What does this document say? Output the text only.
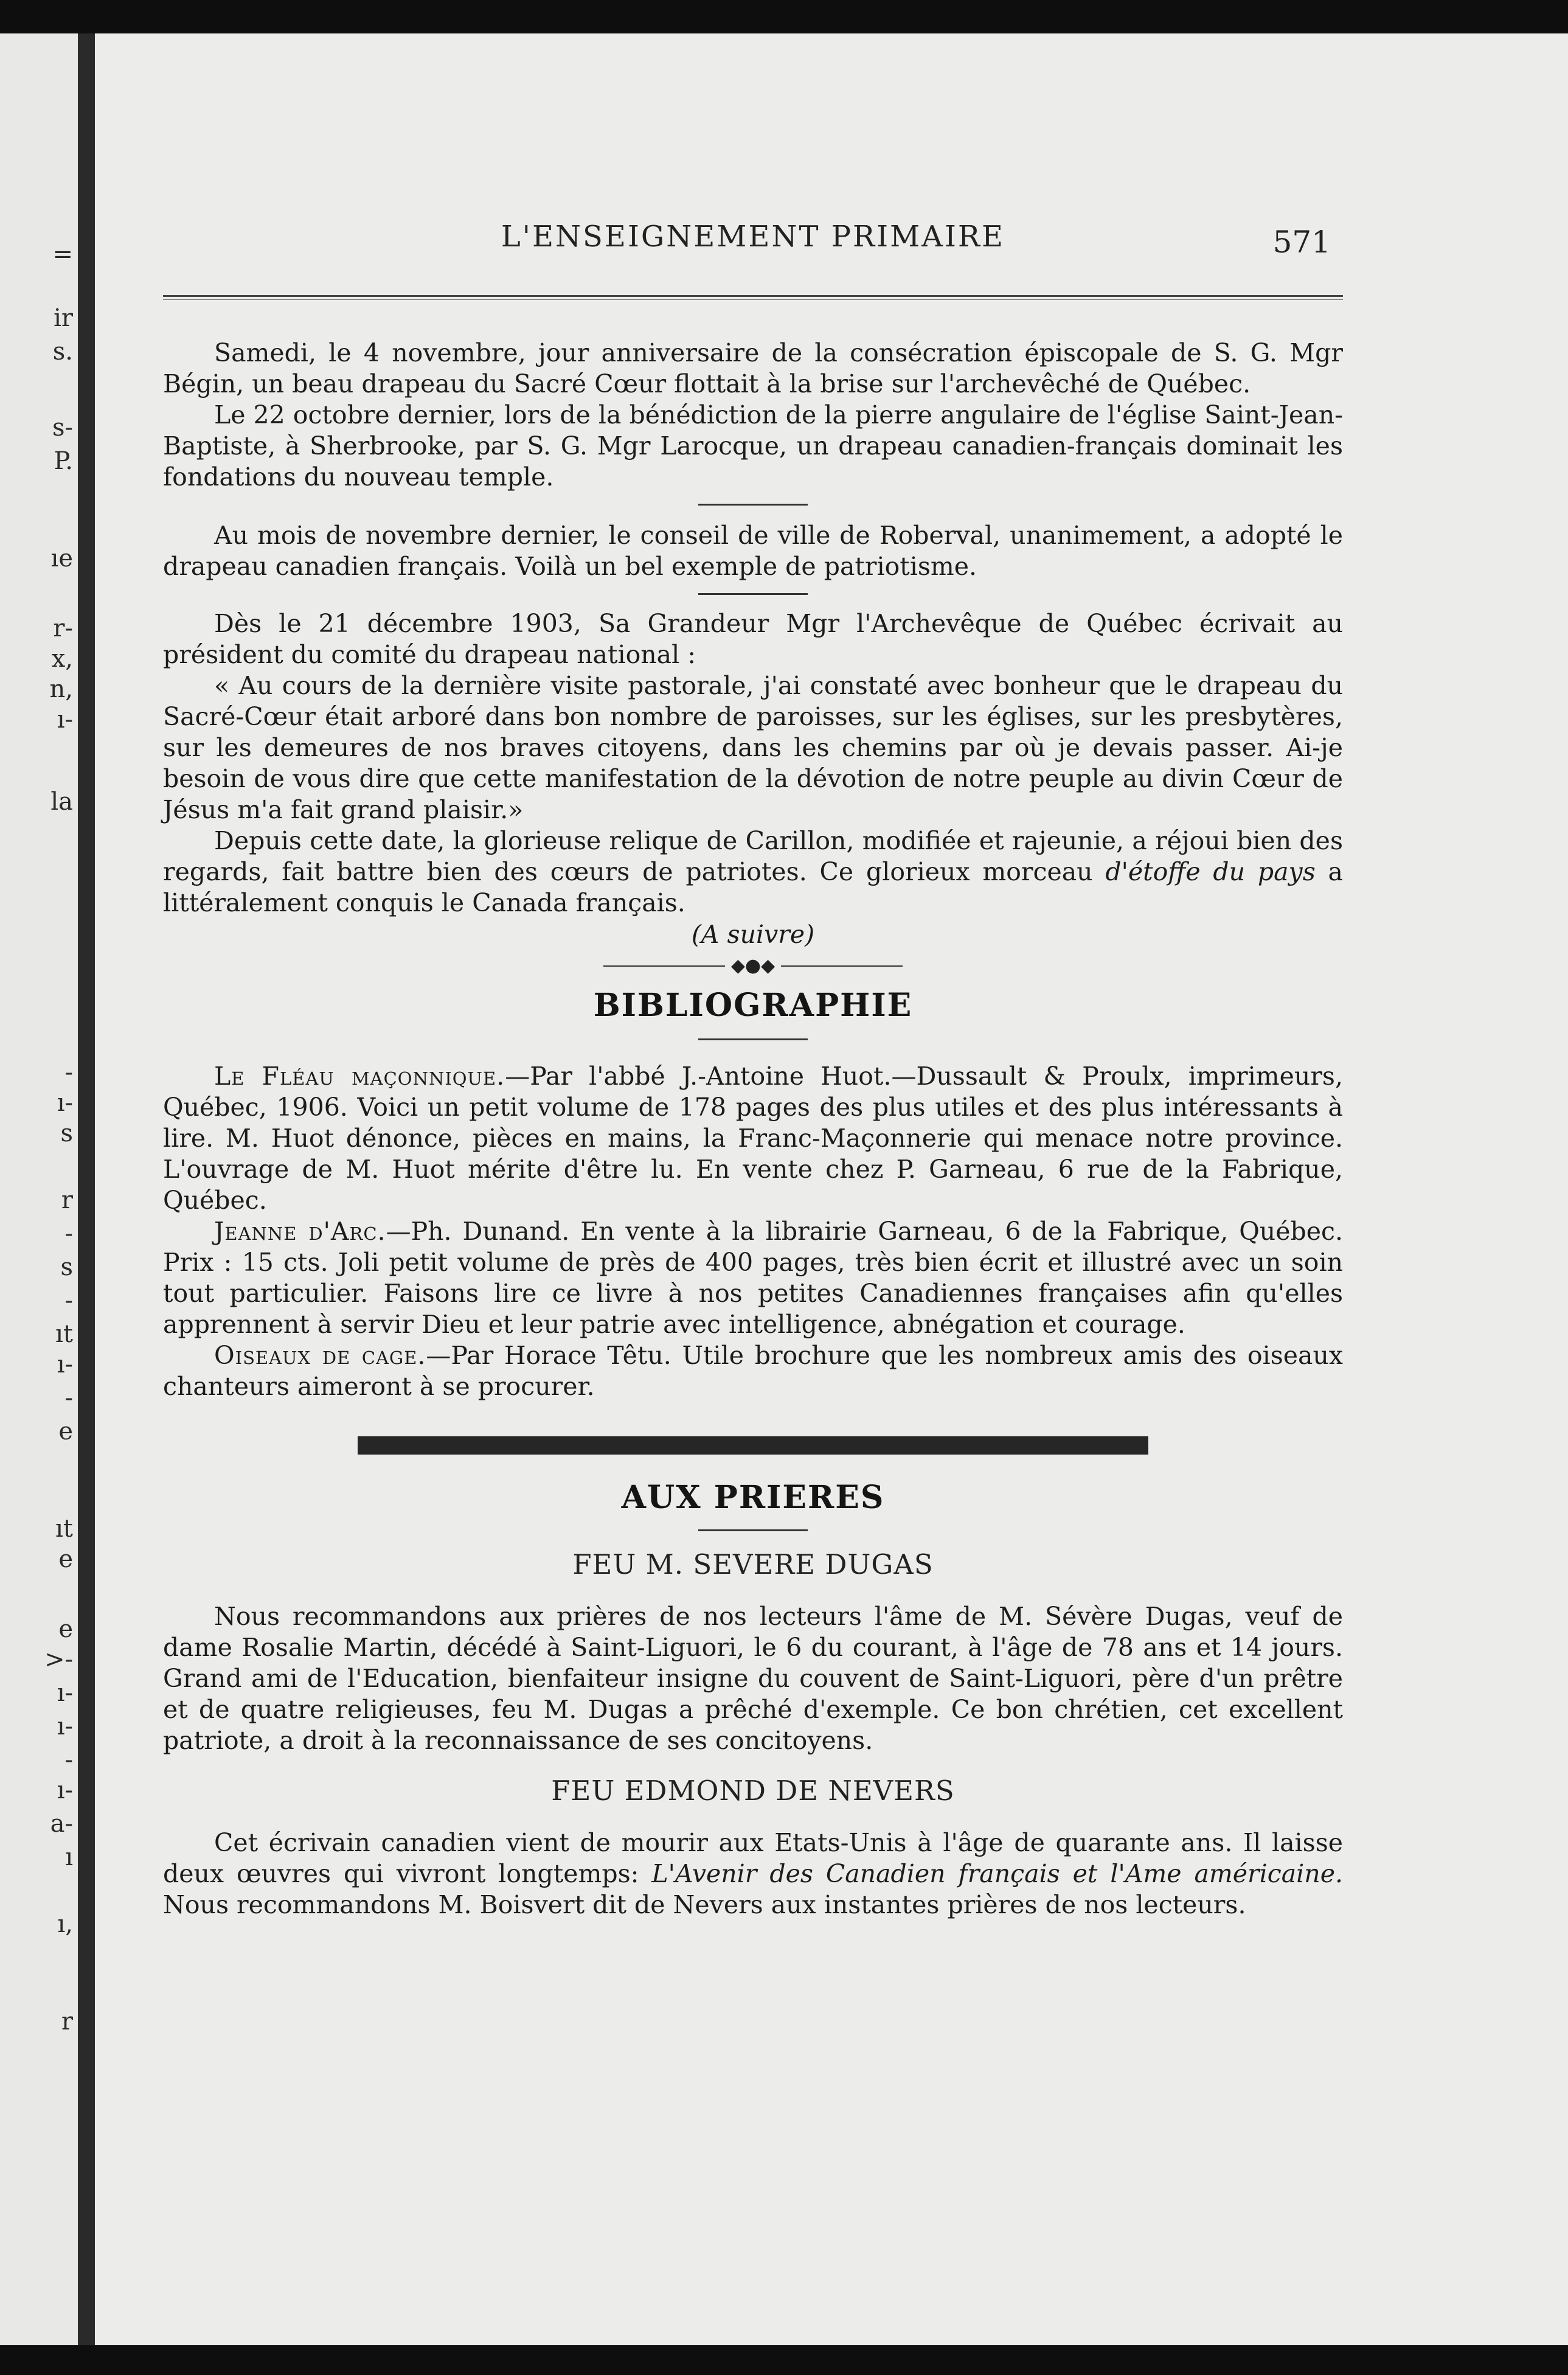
=
ir
s.
s-
P.
ıe
r-
x,
n,
ı-
la
-
ı-
s
r
-
s
-
ıt
ı-
-
e
ıt
e
e
>-
ı-
ı-
-
ı-
a-
ı
ı,
r
L'ENSEIGNEMENT PRIMAIRE	571

Samedi, le 4 novembre, jour anniversaire de la consécration épiscopale de S. G. Mgr Bégin, un beau drapeau du Sacré Cœur flottait à la brise sur l'archevêché de Québec.

Le 22 octobre dernier, lors de la bénédiction de la pierre angulaire de l'église Saint-Jean-Baptiste, à Sherbrooke, par S. G. Mgr Larocque, un drapeau canadien-français dominait les fondations du nouveau temple.

Au mois de novembre dernier, le conseil de ville de Roberval, unanimement, a adopté le drapeau canadien français. Voilà un bel exemple de patriotisme.

Dès le 21 décembre 1903, Sa Grandeur Mgr l'Archevêque de Québec écrivait au président du comité du drapeau national :

« Au cours de la dernière visite pastorale, j'ai constaté avec bonheur que le drapeau du Sacré-Cœur était arboré dans bon nombre de paroisses, sur les églises, sur les presbytères, sur les demeures de nos braves citoyens, dans les chemins par où je devais passer. Ai-je besoin de vous dire que cette manifestation de la dévotion de notre peuple au divin Cœur de Jésus m'a fait grand plaisir.»

Depuis cette date, la glorieuse relique de Carillon, modifiée et rajeunie, a réjoui bien des regards, fait battre bien des cœurs de patriotes. Ce glorieux morceau d'étoffe du pays a littéralement conquis le Canada français.

(A suivre)

◆●◆
BIBLIOGRAPHIE

Le Fléau maçonnique.—Par l'abbé J.-Antoine Huot.—Dussault & Proulx, imprimeurs, Québec, 1906. Voici un petit volume de 178 pages des plus utiles et des plus intéressants à lire. M. Huot dénonce, pièces en mains, la Franc-Maçonnerie qui menace notre province. L'ouvrage de M. Huot mérite d'être lu. En vente chez P. Garneau, 6 rue de la Fabrique, Québec.

Jeanne d'Arc.—Ph. Dunand. En vente à la librairie Garneau, 6 de la Fabrique, Québec. Prix : 15 cts. Joli petit volume de près de 400 pages, très bien écrit et illustré avec un soin tout particulier. Faisons lire ce livre à nos petites Canadiennes françaises afin qu'elles apprennent à servir Dieu et leur patrie avec intelligence, abnégation et courage.

Oiseaux de cage.—Par Horace Têtu. Utile brochure que les nombreux amis des oiseaux chanteurs aimeront à se procurer.

AUX PRIERES

FEU M. SEVERE DUGAS

Nous recommandons aux prières de nos lecteurs l'âme de M. Sévère Dugas, veuf de dame Rosalie Martin, décédé à Saint-Liguori, le 6 du courant, à l'âge de 78 ans et 14 jours. Grand ami de l'Education, bienfaiteur insigne du couvent de Saint-Liguori, père d'un prêtre et de quatre religieuses, feu M. Dugas a prêché d'exemple. Ce bon chrétien, cet excellent patriote, a droit à la reconnaissance de ses concitoyens.

FEU EDMOND DE NEVERS

Cet écrivain canadien vient de mourir aux Etats-Unis à l'âge de quarante ans. Il laisse deux œuvres qui vivront longtemps: L'Avenir des Canadien français et l'Ame américaine. Nous recommandons M. Boisvert dit de Nevers aux instantes prières de nos lecteurs.
